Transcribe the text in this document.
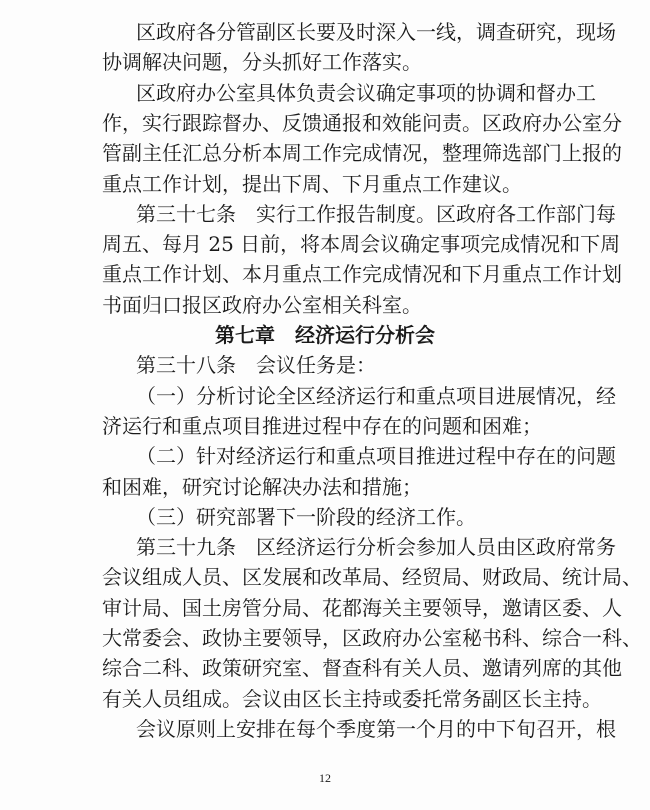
区政府各分管副区长要及时深入一线，调查研究，现场
协调解决问题，分头抓好工作落实。
区政府办公室具体负责会议确定事项的协调和督办工
作，实行跟踪督办、反馈通报和效能问责。区政府办公室分
管副主任汇总分析本周工作完成情况，整理筛选部门上报的
重点工作计划，提出下周、下月重点工作建议。
第三十七条　实行工作报告制度。区政府各工作部门每
周五、每月 25 日前，将本周会议确定事项完成情况和下周
重点工作计划、本月重点工作完成情况和下月重点工作计划
书面归口报区政府办公室相关科室。
第七章　经济运行分析会
第三十八条　会议任务是：
（一）分析讨论全区经济运行和重点项目进展情况，经
济运行和重点项目推进过程中存在的问题和困难；
（二）针对经济运行和重点项目推进过程中存在的问题
和困难，研究讨论解决办法和措施；
（三）研究部署下一阶段的经济工作。
第三十九条　区经济运行分析会参加人员由区政府常务
会议组成人员、区发展和改革局、经贸局、财政局、统计局、
审计局、国土房管分局、花都海关主要领导，邀请区委、人
大常委会、政协主要领导，区政府办公室秘书科、综合一科、
综合二科、政策研究室、督查科有关人员、邀请列席的其他
有关人员组成。会议由区长主持或委托常务副区长主持。
会议原则上安排在每个季度第一个月的中下旬召开，根
12
